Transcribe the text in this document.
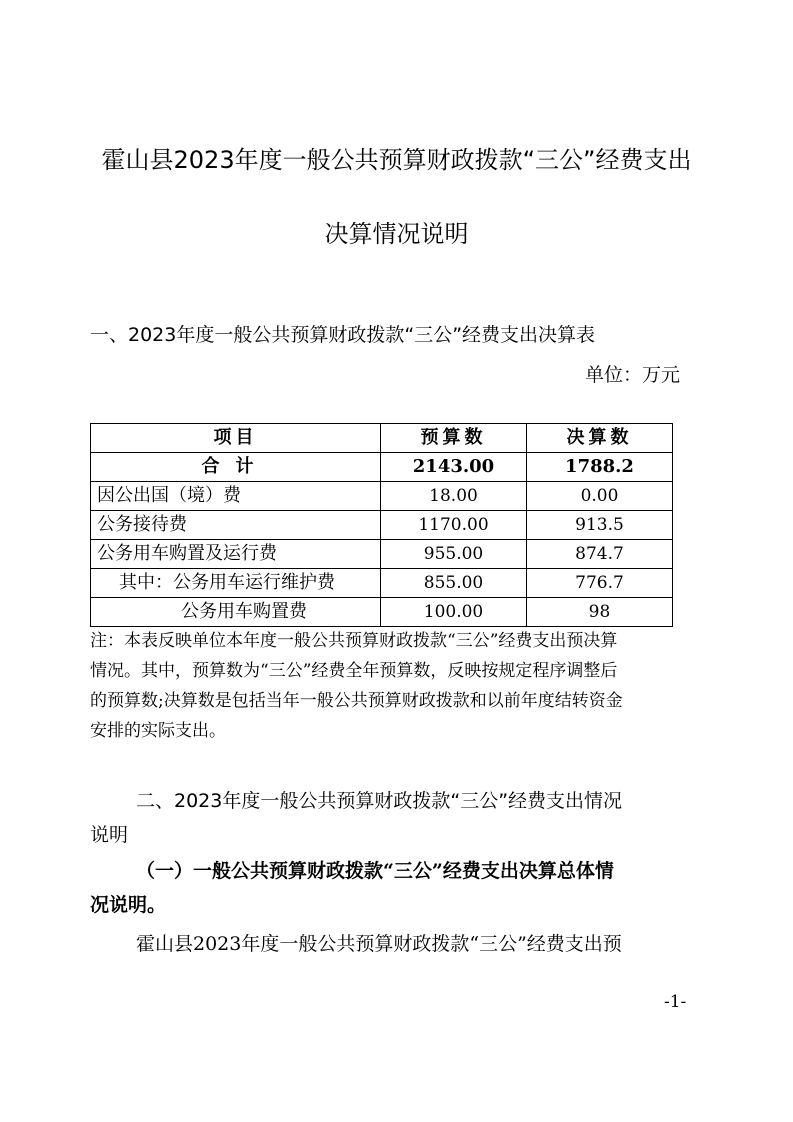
霍山县2023年度一般公共预算财政拨款“三公”经费支出
决算情况说明
一、2023年度一般公共预算财政拨款“三公”经费支出决算表
单位：万元
项目	预算数	决算数
合计	2143.00	1788.2
因公出国（境）费	18.00	0.00
公务接待费	1170.00	913.5
公务用车购置及运行费	955.00	874.7
其中：公务用车运行维护费	855.00	776.7
公务用车购置费	100.00	98
注：本表反映单位本年度一般公共预算财政拨款“三公”经费支出预决算
情况。其中，预算数为“三公”经费全年预算数，反映按规定程序调整后
的预算数;决算数是包括当年一般公共预算财政拨款和以前年度结转资金
安排的实际支出。
二、2023年度一般公共预算财政拨款“三公”经费支出情况
说明
（一）一般公共预算财政拨款“三公”经费支出决算总体情
况说明。
霍山县2023年度一般公共预算财政拨款“三公”经费支出预
-1-
